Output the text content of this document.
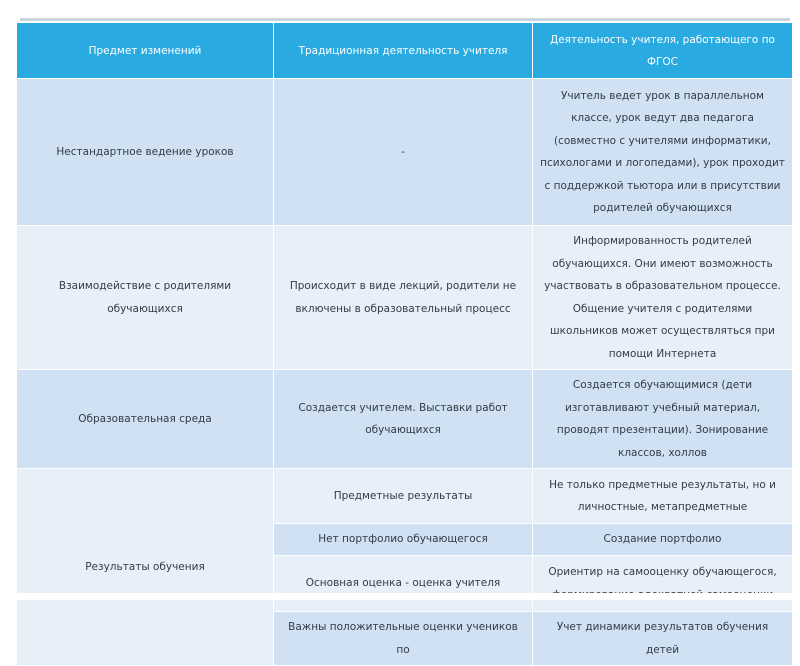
Предмет изменений	Традиционная деятельность учителя	Деятельность учителя, работающего по ФГОС
Нестандартное ведение уроков	-	Учитель ведет урок в параллельном классе, урок ведут два педагога (совместно с учителями информатики, психологами и логопедами), урок проходит с поддержкой тьютора или в присутствии родителей обучающихся
Взаимодействие с родителями обучающихся	Происходит в виде лекций, родители не включены в образовательный процесс	Информированность родителей обучающихся. Они имеют возможность участвовать в образовательном процессе. Общение учителя с родителями школьников может осуществляться при помощи Интернета
Образовательная среда	Создается учителем. Выставки работ обучающихся	Создается обучающимися (дети изготавливают учебный материал, проводят презентации). Зонирование классов, холлов
Результаты обучения	Предметные результаты	Не только предметные результаты, но и личностные, метапредметные
	Нет портфолио обучающегося	Создание портфолио
	Основная оценка - оценка учителя	Ориентир на самооценку обучающегося,
	Важны положительные оценки учеников по	Учет динамики результатов обучения детей
